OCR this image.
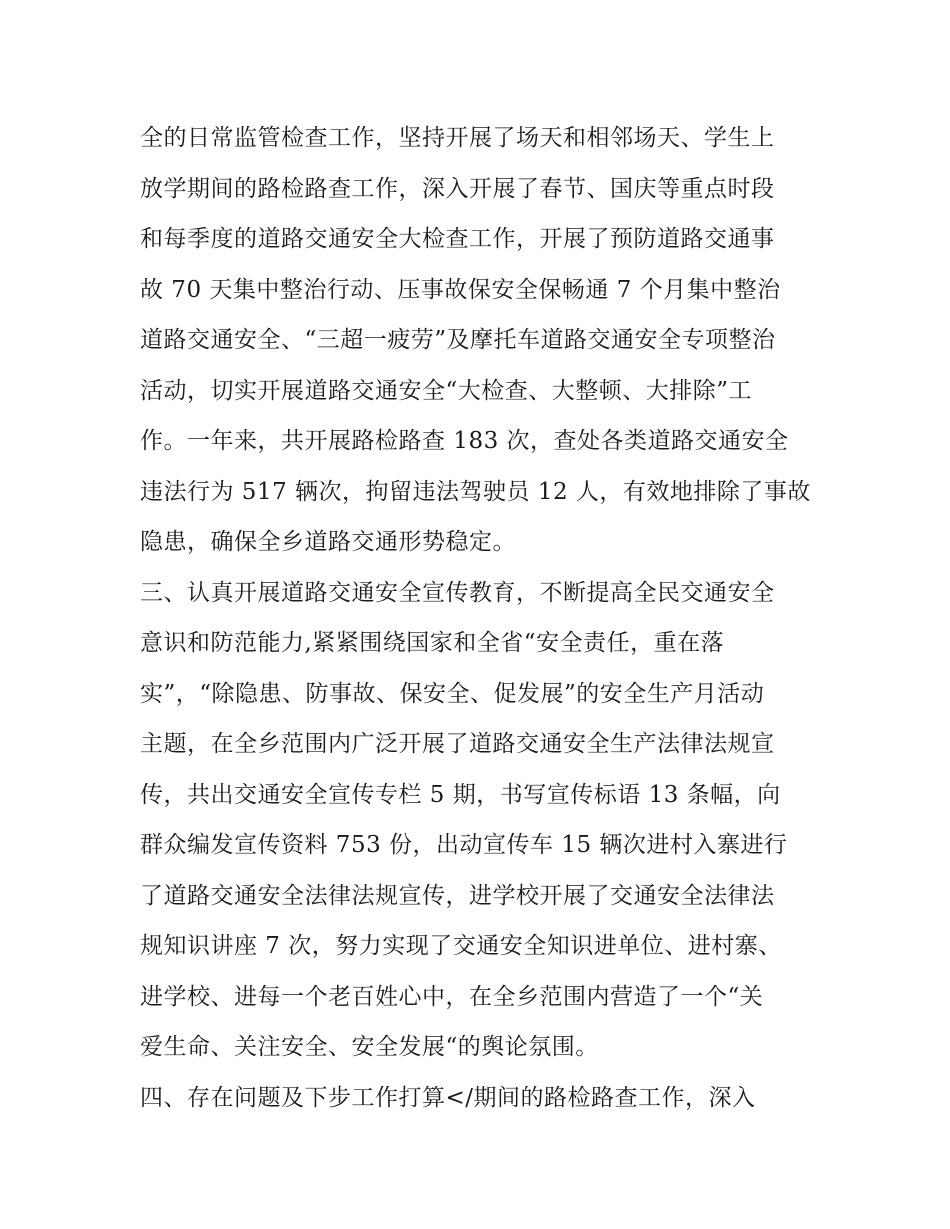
全的日常监管检查工作，坚持开展了场天和相邻场天、学生上
放学期间的路检路查工作，深入开展了春节、国庆等重点时段
和每季度的道路交通安全大检查工作，开展了预防道路交通事
故 70 天集中整治行动、压事故保安全保畅通 7 个月集中整治
道路交通安全、“三超一疲劳”及摩托车道路交通安全专项整治
活动，切实开展道路交通安全“大检查、大整顿、大排除”工
作。一年来，共开展路检路查 183 次，查处各类道路交通安全
违法行为 517 辆次，拘留违法驾驶员 12 人，有效地排除了事故
隐患，确保全乡道路交通形势稳定。
三、认真开展道路交通安全宣传教育，不断提高全民交通安全
意识和防范能力,紧紧围绕国家和全省“安全责任，重在落
实”，“除隐患、防事故、保安全、促发展”的安全生产月活动
主题，在全乡范围内广泛开展了道路交通安全生产法律法规宣
传，共出交通安全宣传专栏 5 期，书写宣传标语 13 条幅，向
群众编发宣传资料 753 份，出动宣传车 15 辆次进村入寨进行
了道路交通安全法律法规宣传，进学校开展了交通安全法律法
规知识讲座 7 次，努力实现了交通安全知识进单位、进村寨、
进学校、进每一个老百姓心中，在全乡范围内营造了一个“关
爱生命、关注安全、安全发展“的舆论氛围。
四、存在问题及下步工作打算</期间的路检路查工作，深入
